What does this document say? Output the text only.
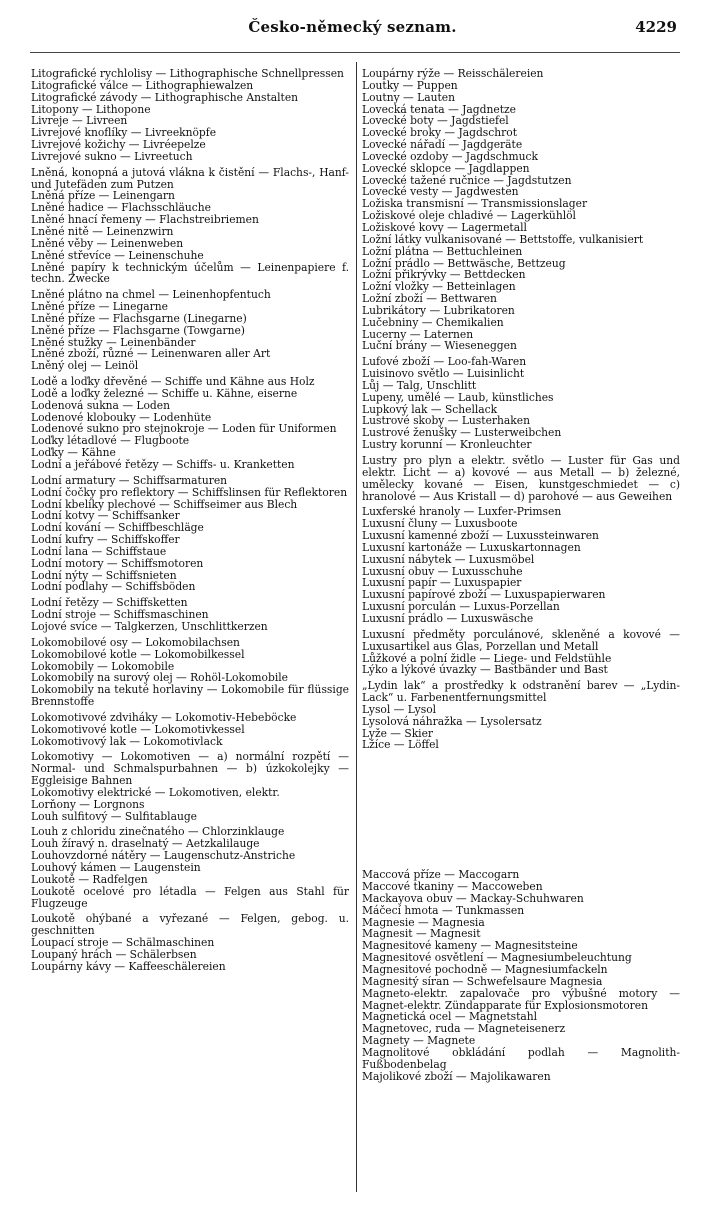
Česko-německý seznam.	4229

Litografické rychlolisy — Lithographische Schnellpressen

Litografické válce — Lithographiewalzen

Litografické závody — Lithographische Anstalten

Litopony — Lithopone

Livreje — Livreen

Livrejové knoflíky — Livreeknöpfe

Livrejové kožichy — Livréepelze

Livrejové sukno — Livreetuch

Lněná, konopná a jutová vlákna k čistění — Flachs-, Hanf- und Jutefäden zum Putzen

Lněná příze — Leinengarn

Lněné hadice — Flachsschläuche

Lněné hnací řemeny — Flachstreibriemen

Lněné nitě — Leinenzwirn

Lněné věby — Leinenweben

Lněné střevíce — Leinenschuhe

Lněné papíry k technickým účelům — Leinenpapiere f. techn. Zwecke

Lněné plátno na chmel — Leinenhopfentuch

Lněné příze — Linegarne

Lněné příze — Flachsgarne (Linegarne)

Lněné příze — Flachsgarne (Towgarne)

Lněné stužky — Leinenbänder

Lněné zboží, různé — Leinenwaren aller Art

Lněný olej — Leinöl

Lodě a loďky dřevěné — Schiffe und Kähne aus Holz

Lodě a loďky železné — Schiffe u. Kähne, eiserne

Lodenová sukna — Loden

Lodenové klobouky — Lodenhüte

Lodenové sukno pro stejnokroje — Loden für Uniformen

Loďky létadlové — Flugboote

Loďky — Kähne

Lodní a jeřábové řetězy — Schiffs- u. Kranketten

Lodní armatury — Schiffsarmaturen

Lodní čočky pro reflektory — Schiffslinsen für Reflektoren

Lodní kbelíky plechové — Schiffseimer aus Blech

Lodní kotvy — Schiffsanker

Lodní kování — Schiffbeschläge

Lodní kufry — Schiffskoffer

Lodní lana — Schiffstaue

Lodní motory — Schiffsmotoren

Lodní nýty — Schiffsnieten

Lodní podlahy — Schiffsböden

Lodní řetězy — Schiffsketten

Lodní stroje — Schiffsmaschinen

Lojové svíce — Talgkerzen, Unschlittkerzen

Lokomobilové osy — Lokomobilachsen

Lokomobilové kotle — Lokomobilkessel

Lokomobily — Lokomobile

Lokomobily na surový olej — Rohöl-Lokomobile

Lokomobily na tekuté horlaviny — Lokomobile für flüssige Brennstoffe

Lokomotivové zdviháky — Lokomotiv-Hebeböcke

Lokomotivové kotle — Lokomotivkessel

Lokomotivový lak — Lokomotivlack

Lokomotivy — Lokomotiven — a) normální rozpětí — Normal- und Schmalspurbahnen — b) úzkokolejky — Eggleisige Bahnen

Lokomotivy elektrické — Lokomotiven, elektr.

Lorňony — Lorgnons

Louh sulfitový — Sulfitablauge

Louh z chloridu zinečnatého — Chlorzinklauge

Louh žíravý n. draselnatý — Aetzkalilauge

Louhovzdorné nátěry — Laugenschutz-Anstriche

Louhový kámen — Laugenstein

Loukotě — Radfelgen

Loukotě ocelové pro létadla — Felgen aus Stahl für Flugzeuge

Loukotě ohýbané a vyřezané — Felgen, gebog. u. geschnitten

Loupací stroje — Schälmaschinen

Loupaný hrách — Schälerbsen

Loupárny kávy — Kaffeeschälereien

Loupárny rýže — Reisschälereien

Loutky — Puppen

Loutny — Lauten

Lovecká tenata — Jagdnetze

Lovecké boty — Jagdstiefel

Lovecké broky — Jagdschrot

Lovecké nářadí — Jagdgeräte

Lovecké ozdoby — Jagdschmuck

Lovecké sklopce — Jagdlappen

Lovecké tažené ručnice — Jagdstutzen

Lovecké vesty — Jagdwesten

Ložiska transmisní — Transmissionslager

Ložiskové oleje chladivé — Lagerkühlöl

Ložiskové kovy — Lagermetall

Ložní látky vulkanisované — Bettstoffe, vulkanisiert

Ložní plátna — Bettuchleinen

Ložní prádlo — Bettwäsche, Bettzeug

Ložní přikrývky — Bettdecken

Ložní vložky — Betteinlagen

Ložní zboží — Bettwaren

Lubrikátory — Lubrikatoren

Lučebniny — Chemikalien

Lucerny — Laternen

Luční brány — Wieseneggen

Lufové zboží — Loo-fah-Waren

Luisinovo světlo — Luisinlicht

Lůj — Talg, Unschlitt

Lupeny, umělé — Laub, künstliches

Lupkový lak — Schellack

Lustrové skoby — Lusterhaken

Lustrové ženušky — Lusterweibchen

Lustry korunní — Kronleuchter

Lustry pro plyn a elektr. světlo — Luster für Gas und elektr. Licht — a) kovové — aus Metall — b) železné, umělecky kované — Eisen, kunstgeschmiedet — c) hranolové — Aus Kristall — d) parohové — aus Geweihen

Luxferské hranoly — Luxfer-Primsen

Luxusní čluny — Luxusboote

Luxusní kamenné zboží — Luxussteinwaren

Luxusní kartonáže — Luxuskartonnagen

Luxusní nábytek — Luxusmöbel

Luxusní obuv — Luxusschuhe

Luxusní papír — Luxuspapier

Luxusní papírové zboží — Luxuspapierwaren

Luxusní porculán — Luxus-Porzellan

Luxusní prádlo — Luxuswäsche

Luxusní předměty porculánové, skleněné a kovové — Luxusartikel aus Glas, Porzellan und Metall

Lůžkové a polní židle — Liege- und Feldstühle

Lýko a lýkové úvazky — Bastbänder und Bast

„Lydin lak“ a prostředky k odstranění barev — „Lydin-Lack“ u. Farbenentfernungsmittel

Lysol — Lysol

Lysolová náhražka — Lysolersatz

Lyže — Skier

Lžíce — Löffel

Maccová příze — Maccogarn

Maccové tkaniny — Maccoweben

Mackayova obuv — Mackay-Schuhwaren

Máčecí hmota — Tunkmassen

Magnesie — Magnesia

Magnesit — Magnesit

Magnesitové kameny — Magnesitsteine

Magnesitové osvětlení — Magnesiumbeleuchtung

Magnesitové pochodně — Magnesiumfackeln

Magnesitý síran — Schwefelsaure Magnesia

Magneto-elektr. zapalovače pro výbušné motory — Magnet-elektr. Zündapparate für Explosionsmotoren

Magnetická ocel — Magnetstahl

Magnetovec, ruda — Magneteisenerz

Magnety — Magnete

Magnolitové obkládání podlah — Magnolith-Fußbodenbelag

Majolikové zboží — Majolikawaren
